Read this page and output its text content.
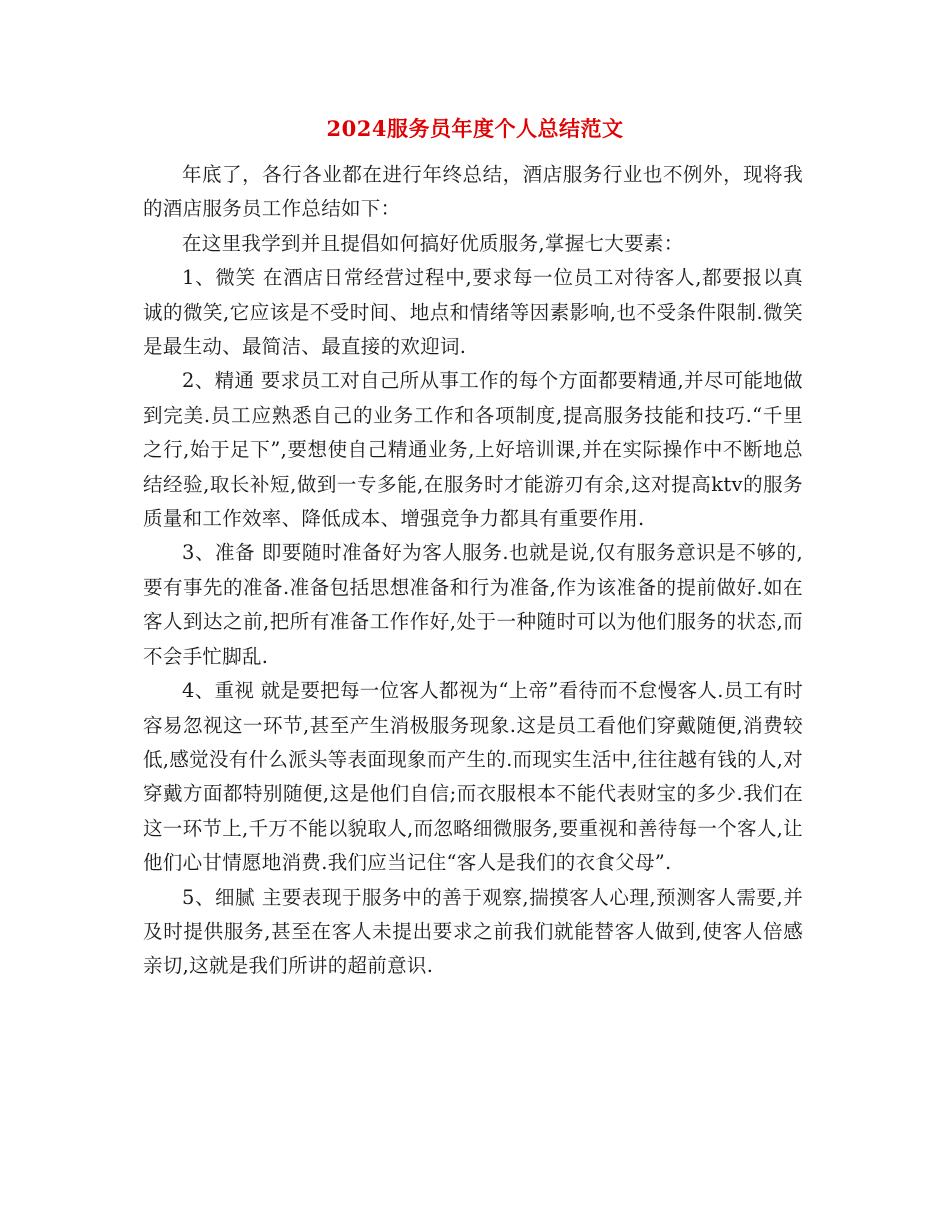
2024服务员年度个人总结范文

年底了，各行各业都在进行年终总结，酒店服务行业也不例外，现将我的酒店服务员工作总结如下：

在这里我学到并且提倡如何搞好优质服务,掌握七大要素：

1、微笑 在酒店日常经营过程中,要求每一位员工对待客人,都要报以真诚的微笑,它应该是不受时间、地点和情绪等因素影响,也不受条件限制.微笑是最生动、最简洁、最直接的欢迎词.

2、精通 要求员工对自己所从事工作的每个方面都要精通,并尽可能地做到完美.员工应熟悉自己的业务工作和各项制度,提高服务技能和技巧.“千里之行,始于足下”,要想使自己精通业务,上好培训课,并在实际操作中不断地总结经验,取长补短,做到一专多能,在服务时才能游刃有余,这对提高ktv的服务质量和工作效率、降低成本、增强竞争力都具有重要作用.

3、准备 即要随时准备好为客人服务.也就是说,仅有服务意识是不够的,要有事先的准备.准备包括思想准备和行为准备,作为该准备的提前做好.如在客人到达之前,把所有准备工作作好,处于一种随时可以为他们服务的状态,而不会手忙脚乱.

4、重视 就是要把每一位客人都视为“上帝”看待而不怠慢客人.员工有时容易忽视这一环节,甚至产生消极服务现象.这是员工看他们穿戴随便,消费较低,感觉没有什么派头等表面现象而产生的.而现实生活中,往往越有钱的人,对穿戴方面都特别随便,这是他们自信;而衣服根本不能代表财宝的多少.我们在这一环节上,千万不能以貌取人,而忽略细微服务,要重视和善待每一个客人,让他们心甘情愿地消费.我们应当记住“客人是我们的衣食父母”.

5、细腻 主要表现于服务中的善于观察,揣摸客人心理,预测客人需要,并及时提供服务,甚至在客人未提出要求之前我们就能替客人做到,使客人倍感亲切,这就是我们所讲的超前意识.
